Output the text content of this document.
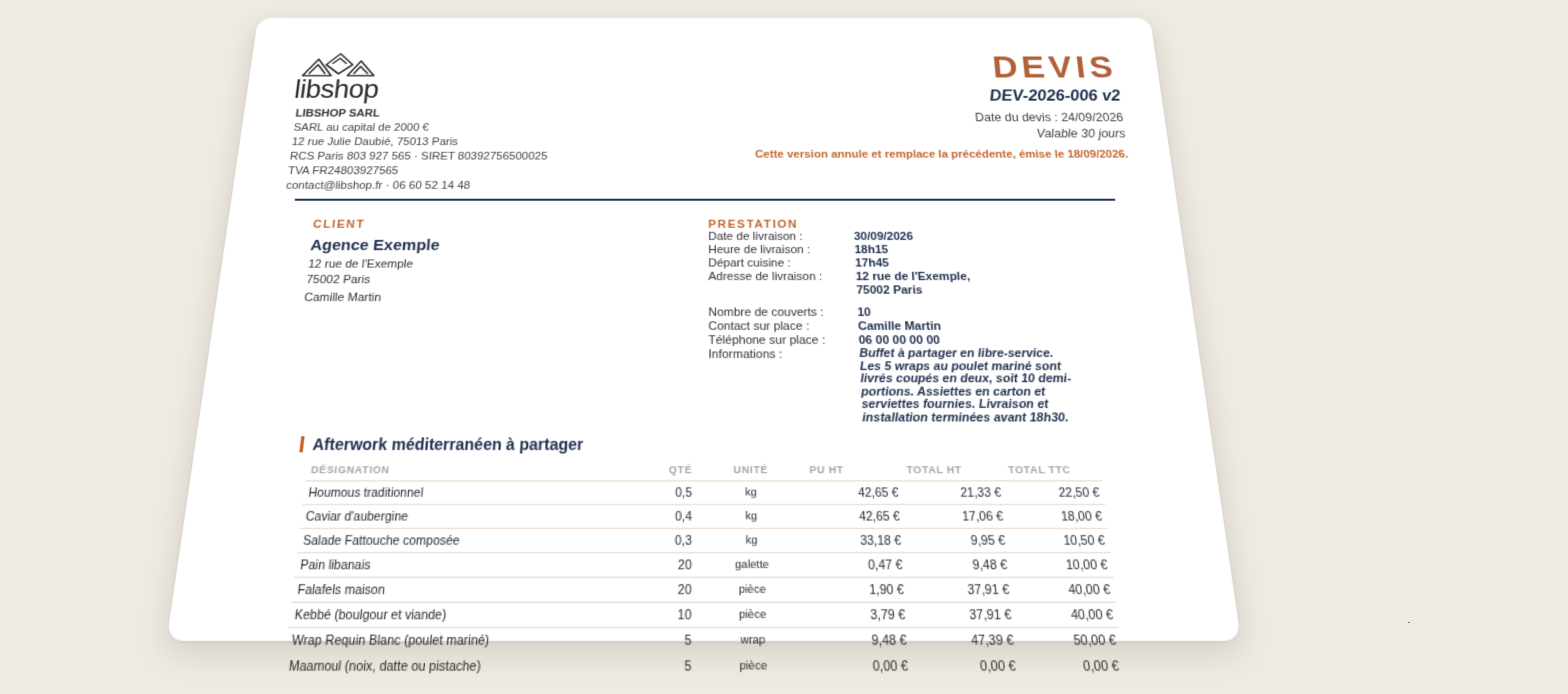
libshop
LIBSHOP SARL
SARL au capital de 2000 €
12 rue Julie Daubié, 75013 Paris
RCS Paris 803 927 565 · SIRET 80392756500025
TVA FR24803927565
contact@libshop.fr · 06 60 52 14 48
DEVIS
DEV-2026-006 v2
Date du devis : 24/09/2026
Valable 30 jours
Cette version annule et remplace la précédente, émise le 18/09/2026.
CLIENT
Agence Exemple
12 rue de l'Exemple
75002 Paris
Camille Martin
PRESTATION
Date de livraison :	30/09/2026
Heure de livraison :	18h15
Départ cuisine :	17h45
Adresse de livraison :	12 rue de l'Exemple,
75002 Paris
Nombre de couverts :	10
Contact sur place :	Camille Martin
Téléphone sur place :	06 00 00 00 00
Informations :	Buffet à partager en libre-service. Les 5 wraps au poulet mariné sont livrés coupés en deux, soit 10 demi-portions. Assiettes en carton et serviettes fournies. Livraison et installation terminées avant 18h30.
Afterwork méditerranéen à partager
DÉSIGNATION	QTÉ	UNITÉ	PU HT	TOTAL HT	TOTAL TTC
Houmous traditionnel	0,5	kg	42,65 €	21,33 €	22,50 €
Caviar d'aubergine	0,4	kg	42,65 €	17,06 €	18,00 €
Salade Fattouche composée	0,3	kg	33,18 €	9,95 €	10,50 €
Pain libanais	20	galette	0,47 €	9,48 €	10,00 €
Falafels maison	20	pièce	1,90 €	37,91 €	40,00 €
Kebbé (boulgour et viande)	10	pièce	3,79 €	37,91 €	40,00 €
Wrap Requin Blanc (poulet mariné)	5	wrap	9,48 €	47,39 €	50,00 €
Maamoul (noix, datte ou pistache)	5	pièce	0,00 €	0,00 €	0,00 €
